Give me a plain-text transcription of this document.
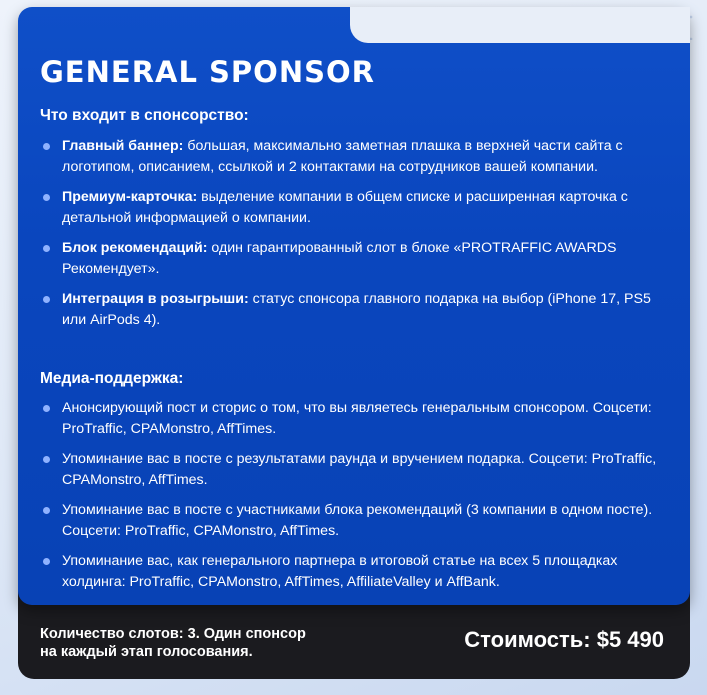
GENERAL SPONSOR

Что входит в спонсорство:

Главный баннер: большая, максимально заметная плашка в верхней части сайта с логотипом, описанием, ссылкой и 2 контактами на сотрудников вашей компании.
Премиум-карточка: выделение компании в общем списке и расширенная карточка с детальной информацией о компании.
Блок рекомендаций: один гарантированный слот в блоке «PROTRAFFIC AWARDS Рекомендует».
Интеграция в розыгрыши: статус спонсора главного подарка на выбор (iPhone 17, PS5 или AirPods 4).

Медиа-поддержка:

Анонсирующий пост и сторис о том, что вы являетесь генеральным спонсором. Соцсети: ProTraffic, CPAMonstro, AffTimes.
Упоминание вас в посте с результатами раунда и вручением подарка. Соцсети: ProTraffic, CPAMonstro, AffTimes.
Упоминание вас в посте с участниками блока рекомендаций (3 компании в одном посте). Соцсети: ProTraffic, CPAMonstro, AffTimes.
Упоминание вас, как генерального партнера в итоговой статье на всех 5 площадках холдинга: ProTraffic, CPAMonstro, AffTimes, AffiliateValley и AffBank.
Количество слотов: 3. Один спонсор
на каждый этап голосования.	Стоимость: $5 490
